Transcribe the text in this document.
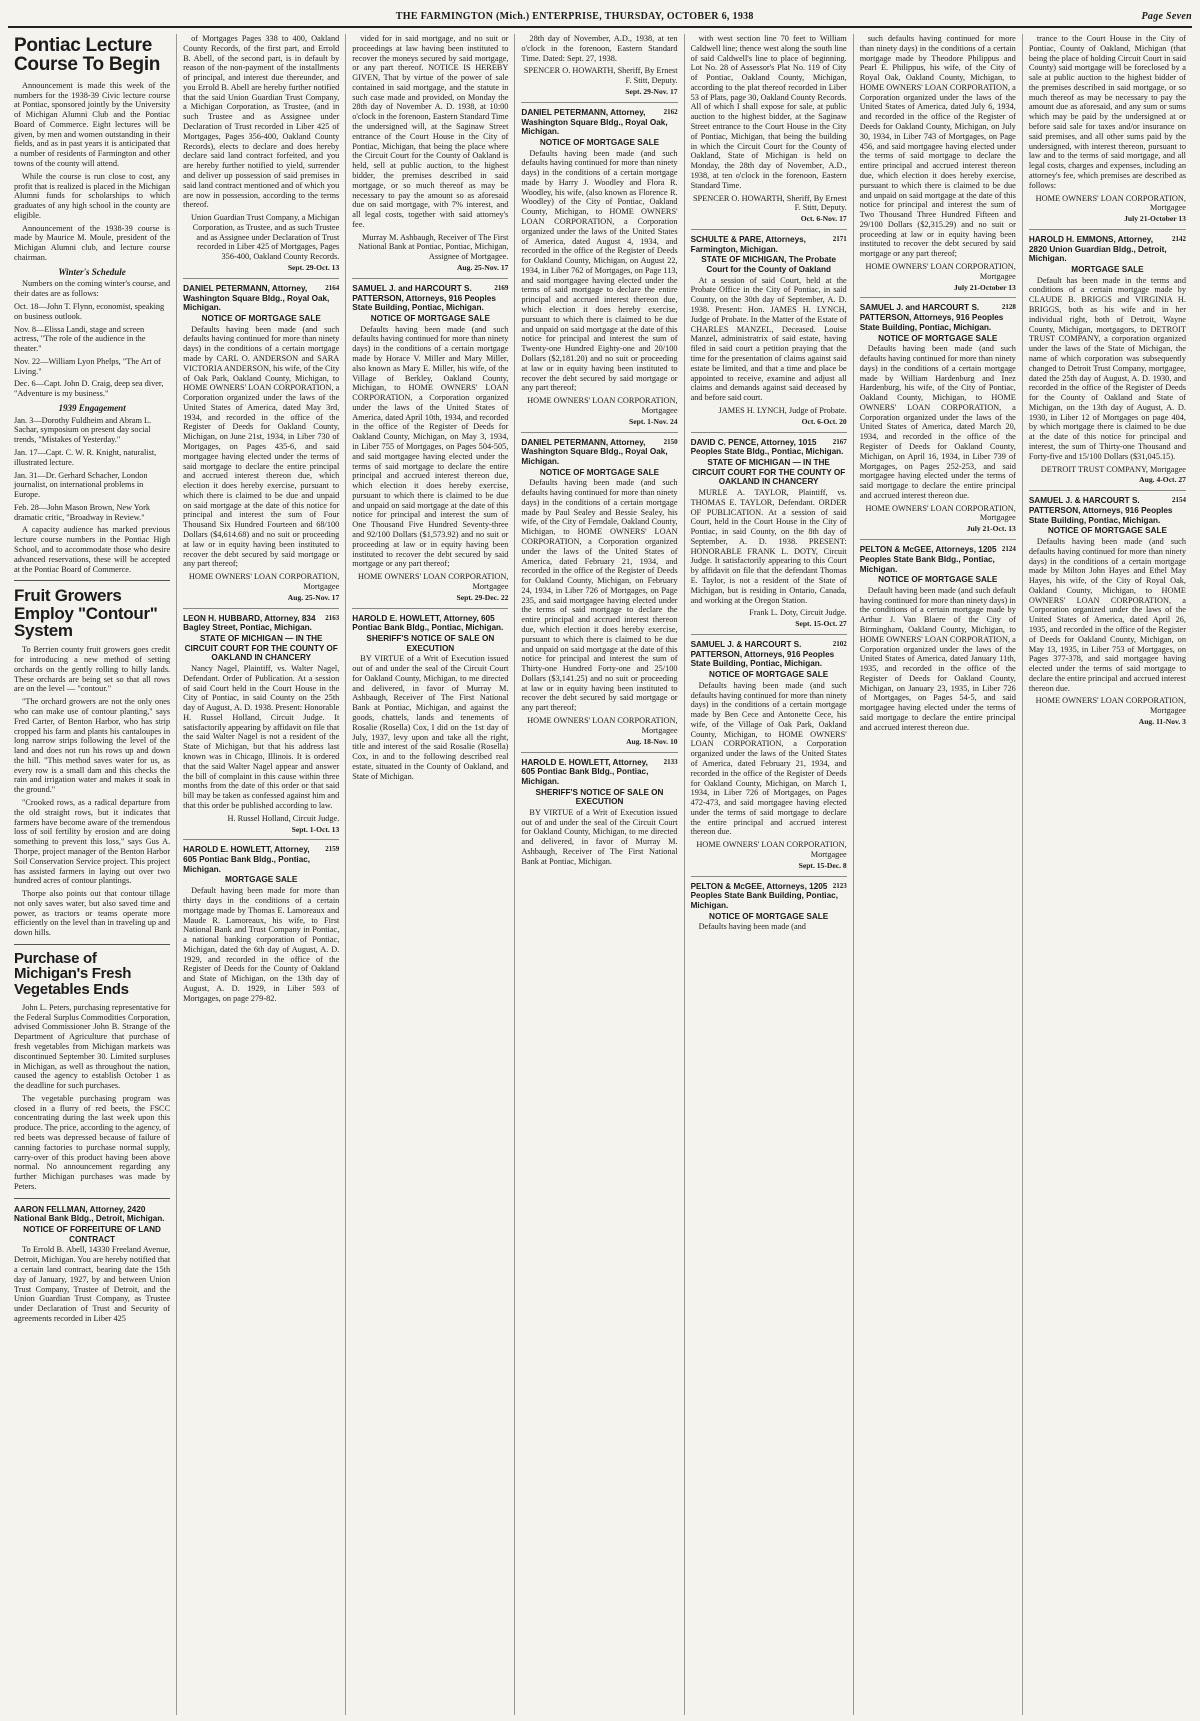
THE FARMINGTON (Mich.) ENTERPRISE, THURSDAY, OCTOBER 6, 1938	Page Seven
Pontiac Lecture Course To Begin

Announcement is made this week of the numbers for the 1938-39 Civic lecture course at Pontiac, sponsored jointly by the University of Michigan Alumni Club and the Pontiac Board of Commerce. Eight lectures will be given, by men and women outstanding in their fields, and as in past years it is anticipated that a number of residents of Farmington and other towns of the county will attend.

While the course is run close to cost, any profit that is realized is placed in the Michigan Alumni funds for scholarships to which graduates of any high school in the county are eligible.

Announcement of the 1938-39 course is made by Maurice M. Moule, president of the Michigan Alumni club, and lecture course chairman.

Winter's Schedule

Numbers on the coming winter's course, and their dates are as follows:

Oct. 18—John T. Flynn, economist, speaking on business outlook.

Nov. 8—Elissa Landi, stage and screen actress, "The role of the audience in the theater."

Nov. 22—William Lyon Phelps, "The Art of Living."

Dec. 6—Capt. John D. Craig, deep sea diver, "Adventure is my business."

1939 Engagement

Jan. 3—Dorothy Fuldheim and Abram L. Sachar, symposium on present day social trends, "Mistakes of Yesterday."

Jan. 17—Capt. C. W. R. Knight, naturalist, illustrated lecture.

Jan. 31—Dr. Gerhard Schacher, London journalist, on international problems in Europe.

Feb. 28—John Mason Brown, New York dramatic critic, "Broadway in Review."

A capacity audience has marked previous lecture course numbers in the Pontiac High School, and to accommodate those who desire advanced reservations, these will be accepted at the Pontiac Board of Commerce.

Fruit Growers Employ "Contour" System

To Berrien county fruit growers goes credit for introducing a new method of setting orchards on the gently rolling to hilly lands. These orchards are being set so that all rows are on the level — "contour."

"The orchard growers are not the only ones who can make use of contour planting," says Fred Carter, of Benton Harbor, who has strip cropped his farm and plants his cantaloupes in long narrow strips following the level of the land and does not run his rows up and down the hill. "This method saves water for us, as every row is a small dam and this checks the rain and irrigation water and makes it soak in the ground."

"Crooked rows, as a radical departure from the old straight rows, but it indicates that farmers have become aware of the tremendous loss of soil fertility by erosion and are doing something to prevent this loss," says Gus A. Thorpe, project manager of the Benton Harbor Soil Conservation Service project. This project has assisted farmers in laying out over two hundred acres of contour plantings.

Thorpe also points out that contour tillage not only saves water, but also saved time and power, as tractors or teams operate more efficiently on the level than in traveling up and down hills.

Purchase of Michigan's Fresh Vegetables Ends

John L. Peters, purchasing representative for the Federal Surplus Commodities Corporation, advised Commissioner John B. Strange of the Department of Agriculture that purchase of fresh vegetables from Michigan markets was discontinued September 30. Limited surpluses in Michigan, as well as throughout the nation, caused the agency to establish October 1 as the deadline for such purchases.

The vegetable purchasing program was closed in a flurry of red beets, the FSCC concentrating during the last week upon this produce. The price, according to the agency, of red beets was depressed because of failure of canning factories to purchase normal supply, carry-over of this product having been above normal. No announcement regarding any further Michigan purchases was made by Peters.

AARON FELLMAN, Attorney, 2420 National Bank Bldg., Detroit, Michigan.
NOTICE OF FORFEITURE OF LAND CONTRACT

To Errold B. Abell, 14330 Freeland Avenue, Detroit, Michigan. You are hereby notified that a certain land contract, bearing date the 15th day of January, 1927, by and between Union Trust Company, Trustee of Detroit, and the Union Guardian Trust Company, as Trustee under Declaration of Trust and Security of agreements recorded in Liber 425

of Mortgages Pages 338 to 400, Oakland County Records, of the first part, and Errold B. Abell, of the second part, is in default by reason of the non-payment of the installments of principal, and interest due thereunder, and you Errold B. Abell are hereby further notified that the said Union Guardian Trust Company, a Michigan Corporation, as Trustee, (and in such Trustee and as Assignee under Declaration of Trust recorded in Liber 425 of Mortgages, Pages 356-400, Oakland County Records), elects to declare and does hereby declare said land contract forfeited, and you are hereby further notified to yield, surrender and deliver up possession of said premises in said land contract mentioned and of which you are now in possession, according to the terms thereof.

Union Guardian Trust Company, a Michigan Corporation, as Trustee, and as such Trustee and as Assignee under Declaration of Trust recorded in Liber 425 of Mortgages, Pages 356-400, Oakland County Records.

Sept. 29-Oct. 13

2164
DANIEL PETERMANN, Attorney, Washington Square Bldg., Royal Oak, Michigan.
NOTICE OF MORTGAGE SALE

Defaults having been made (and such defaults having continued for more than ninety days) in the conditions of a certain mortgage made by CARL O. ANDERSON and SARA VICTORIA ANDERSON, his wife, of the City of Oak Park, Oakland County, Michigan, to HOME OWNERS' LOAN CORPORATION, a Corporation organized under the laws of the United States of America, dated May 3rd, 1934, and recorded in the office of the Register of Deeds for Oakland County, Michigan, on June 21st, 1934, in Liber 730 of Mortgages, on Pages 435-6, and said mortgagee having elected under the terms of said mortgage to declare the entire principal and accrued interest thereon due, which election it does hereby exercise, pursuant to which there is claimed to be due and unpaid on said mortgage at the date of this notice for principal and interest the sum of Four Thousand Six Hundred Fourteen and 68/100 Dollars ($4,614.68) and no suit or proceeding at law or in equity having been instituted to recover the debt secured by said mortgage or any part thereof;

HOME OWNERS' LOAN CORPORATION, Mortgagee

Aug. 25-Nov. 17

2163
LEON H. HUBBARD, Attorney, 834 Bagley Street, Pontiac, Michigan.
STATE OF MICHIGAN — IN THE CIRCUIT COURT FOR THE COUNTY OF OAKLAND IN CHANCERY

Nancy Nagel, Plaintiff, vs. Walter Nagel, Defendant. Order of Publication. At a session of said Court held in the Court House in the City of Pontiac, in said County on the 25th day of August, A. D. 1938. Present: Honorable H. Russel Holland, Circuit Judge. It satisfactorily appearing by affidavit on file that the said Walter Nagel is not a resident of the State of Michigan, but that his address last known was in Chicago, Illinois. It is ordered that the said Walter Nagel appear and answer the bill of complaint in this cause within three months from the date of this order or that said bill may be taken as confessed against him and that this order be published according to law.

H. Russel Holland, Circuit Judge.

Sept. 1-Oct. 13

2159
HAROLD E. HOWLETT, Attorney, 605 Pontiac Bank Bldg., Pontiac, Michigan.
MORTGAGE SALE

Default having been made for more than thirty days in the conditions of a certain mortgage made by Thomas E. Lamoreaux and Maude R. Lamoreaux, his wife, to First National Bank and Trust Company in Pontiac, a national banking corporation of Pontiac, Michigan, dated the 6th day of August, A. D. 1929, and recorded in the office of the Register of Deeds for the County of Oakland and State of Michigan, on the 13th day of August, A. D. 1929, in Liber 593 of Mortgages, on page 279-82.

vided for in said mortgage, and no suit or proceedings at law having been instituted to recover the moneys secured by said mortgage, or any part thereof. NOTICE IS HEREBY GIVEN, That by virtue of the power of sale contained in said mortgage, and the statute in such case made and provided, on Monday the 28th day of November A. D. 1938, at 10:00 o'clock in the forenoon, Eastern Standard Time the undersigned will, at the Saginaw Street entrance of the Court House in the City of Pontiac, Michigan, that being the place where the Circuit Court for the County of Oakland is held, sell at public auction, to the highest bidder, the premises described in said mortgage, or so much thereof as may be necessary to pay the amount so as aforesaid due on said mortgage, with 7% interest, and all legal costs, together with said attorney's fee.

Murray M. Ashbaugh, Receiver of The First National Bank at Pontiac, Pontiac, Michigan, Assignee of Mortgagee.

Aug. 25-Nov. 17

2169
SAMUEL J. and HARCOURT S. PATTERSON, Attorneys, 916 Peoples State Building, Pontiac, Michigan.
NOTICE OF MORTGAGE SALE

Defaults having been made (and such defaults having continued for more than ninety days) in the conditions of a certain mortgage made by Horace V. Miller and Mary Miller, also known as Mary E. Miller, his wife, of the Village of Berkley, Oakland County, Michigan, to HOME OWNERS' LOAN CORPORATION, a Corporation organized under the laws of the United States of America, dated April 10th, 1934, and recorded in the office of the Register of Deeds for Oakland County, Michigan, on May 3, 1934, in Liber 755 of Mortgages, on Pages 504-505, and said mortgagee having elected under the terms of said mortgage to declare the entire principal and accrued interest thereon due, which election it does hereby exercise, pursuant to which there is claimed to be due and unpaid on said mortgage at the date of this notice for principal and interest the sum of One Thousand Five Hundred Seventy-three and 92/100 Dollars ($1,573.92) and no suit or proceeding at law or in equity having been instituted to recover the debt secured by said mortgage or any part thereof;

HOME OWNERS' LOAN CORPORATION, Mortgagee

Sept. 29-Dec. 22

HAROLD E. HOWLETT, Attorney, 605 Pontiac Bank Bldg., Pontiac, Michigan.
SHERIFF'S NOTICE OF SALE ON EXECUTION

BY VIRTUE of a Writ of Execution issued out of and under the seal of the Circuit Court for Oakland County, Michigan, to me directed and delivered, in favor of Murray M. Ashbaugh, Receiver of The First National Bank at Pontiac, Michigan, and against the goods, chattels, lands and tenements of Rosalie (Rosella) Cox, I did on the 1st day of July, 1937, levy upon and take all the right, title and interest of the said Rosalie (Rosella) Cox, in and to the following described real estate, situated in the County of Oakland, and State of Michigan.

28th day of November, A.D., 1938, at ten o'clock in the forenoon, Eastern Standard Time. Dated: Sept. 27, 1938.

SPENCER O. HOWARTH, Sheriff, By Ernest F. Stitt, Deputy.

Sept. 29-Nov. 17

2162
DANIEL PETERMANN, Attorney, Washington Square Bldg., Royal Oak, Michigan.
NOTICE OF MORTGAGE SALE

Defaults having been made (and such defaults having continued for more than ninety days) in the conditions of a certain mortgage made by Harry J. Woodley and Flora R. Woodley, his wife, (also known as Florence R. Woodley) of the City of Pontiac, Oakland County, Michigan, to HOME OWNERS' LOAN CORPORATION, a Corporation organized under the laws of the United States of America, dated August 4, 1934, and recorded in the office of the Register of Deeds for Oakland County, Michigan, on August 22, 1934, in Liber 762 of Mortgages, on Page 113, and said mortgagee having elected under the terms of said mortgage to declare the entire principal and accrued interest thereon due, which election it does hereby exercise, pursuant to which there is claimed to be due and unpaid on said mortgage at the date of this notice for principal and interest the sum of Twenty-one Hundred Eighty-one and 20/100 Dollars ($2,181.20) and no suit or proceeding at law or in equity having been instituted to recover the debt secured by said mortgage or any part thereof;

HOME OWNERS' LOAN CORPORATION, Mortgagee

Sept. 1-Nov. 24

2150
DANIEL PETERMANN, Attorney, Washington Square Bldg., Royal Oak, Michigan.
NOTICE OF MORTGAGE SALE

Defaults having been made (and such defaults having continued for more than ninety days) in the conditions of a certain mortgage made by Paul Sealey and Bessie Sealey, his wife, of the City of Ferndale, Oakland County, Michigan, to HOME OWNERS' LOAN CORPORATION, a Corporation organized under the laws of the United States of America, dated February 21, 1934, and recorded in the office of the Register of Deeds for Oakland County, Michigan, on February 24, 1934, in Liber 726 of Mortgages, on Page 235, and said mortgagee having elected under the terms of said mortgage to declare the entire principal and accrued interest thereon due, which election it does hereby exercise, pursuant to which there is claimed to be due and unpaid on said mortgage at the date of this notice for principal and interest the sum of Thirty-one Hundred Forty-one and 25/100 Dollars ($3,141.25) and no suit or proceeding at law or in equity having been instituted to recover the debt secured by said mortgage or any part thereof;

HOME OWNERS' LOAN CORPORATION, Mortgagee

Aug. 18-Nov. 10

2133
HAROLD E. HOWLETT, Attorney, 605 Pontiac Bank Bldg., Pontiac, Michigan.
SHERIFF'S NOTICE OF SALE ON EXECUTION

BY VIRTUE of a Writ of Execution issued out of and under the seal of the Circuit Court for Oakland County, Michigan, to me directed and delivered, in favor of Murray M. Ashbaugh, Receiver of The First National Bank at Pontiac, Michigan.

with west section line 70 feet to William Caldwell line; thence west along the south line of said Caldwell's line to place of beginning. Lot No. 28 of Assessor's Plat No. 119 of City of Pontiac, Oakland County, Michigan, according to the plat thereof recorded in Liber 53 of Plats, page 30, Oakland County Records. All of which I shall expose for sale, at public auction to the highest bidder, at the Saginaw Street entrance to the Court House in the City of Pontiac, Michigan, that being the building in which the Circuit Court for the County of Oakland, State of Michigan is held on Monday, the 28th day of November, A.D., 1938, at ten o'clock in the forenoon, Eastern Standard Time.

SPENCER O. HOWARTH, Sheriff, By Ernest F. Stitt, Deputy.

Oct. 6-Nov. 17

2171
SCHULTE & PARE, Attorneys, Farmington, Michigan.
STATE OF MICHIGAN, The Probate Court for the County of Oakland

At a session of said Court, held at the Probate Office in the City of Pontiac, in said County, on the 30th day of September, A. D. 1938. Present: Hon. JAMES H. LYNCH, Judge of Probate. In the Matter of the Estate of CHARLES MANZEL, Deceased. Louise Manzel, administratrix of said estate, having filed in said court a petition praying that the time for the presentation of claims against said estate be limited, and that a time and place be appointed to receive, examine and adjust all claims and demands against said deceased by and before said court.

JAMES H. LYNCH, Judge of Probate.

Oct. 6-Oct. 20

2167
DAVID C. PENCE, Attorney, 1015 Peoples State Bldg., Pontiac, Michigan.
STATE OF MICHIGAN — IN THE CIRCUIT COURT FOR THE COUNTY OF OAKLAND IN CHANCERY

MURLE A. TAYLOR, Plaintiff, vs. THOMAS E. TAYLOR, Defendant. ORDER OF PUBLICATION. At a session of said Court, held in the Court House in the City of Pontiac, in said County, on the 8th day of September, A. D. 1938. PRESENT: HONORABLE FRANK L. DOTY, Circuit Judge. It satisfactorily appearing to this Court by affidavit on file that the defendant Thomas E. Taylor, is not a resident of the State of Michigan, but is residing in Ontario, Canada, and working at the Oregon Station.

Frank L. Doty, Circuit Judge.

Sept. 15-Oct. 27

2102
SAMUEL J. & HARCOURT S. PATTERSON, Attorneys, 916 Peoples State Building, Pontiac, Michigan.
NOTICE OF MORTGAGE SALE

Defaults having been made (and such defaults having continued for more than ninety days) in the conditions of a certain mortgage made by Ben Cece and Antonette Cece, his wife, of the Village of Oak Park, Oakland County, Michigan, to HOME OWNERS' LOAN CORPORATION, a Corporation organized under the laws of the United States of America, dated February 21, 1934, and recorded in the office of the Register of Deeds for Oakland County, Michigan, on March 1, 1934, in Liber 726 of Mortgages, on Pages 472-473, and said mortgagee having elected under the terms of said mortgage to declare the entire principal and accrued interest thereon due.

HOME OWNERS' LOAN CORPORATION, Mortgagee

Sept. 15-Dec. 8

2123
PELTON & McGEE, Attorneys, 1205 Peoples State Bank Building, Pontiac, Michigan.
NOTICE OF MORTGAGE SALE

Defaults having been made (and

such defaults having continued for more than ninety days) in the conditions of a certain mortgage made by Theodore Philippus and Pearl E. Philippus, his wife, of the City of Royal Oak, Oakland County, Michigan, to HOME OWNERS' LOAN CORPORATION, a Corporation organized under the laws of the United States of America, dated July 6, 1934, and recorded in the office of the Register of Deeds for Oakland County, Michigan, on July 30, 1934, in Liber 743 of Mortgages, on Page 456, and said mortgagee having elected under the terms of said mortgage to declare the entire principal and accrued interest thereon due, which election it does hereby exercise, pursuant to which there is claimed to be due and unpaid on said mortgage at the date of this notice for principal and interest the sum of Two Thousand Three Hundred Fifteen and 29/100 Dollars ($2,315.29) and no suit or proceeding at law or in equity having been instituted to recover the debt secured by said mortgage or any part thereof;

HOME OWNERS' LOAN CORPORATION, Mortgagee

July 21-October 13

2128
SAMUEL J. and HARCOURT S. PATTERSON, Attorneys, 916 Peoples State Building, Pontiac, Michigan.
NOTICE OF MORTGAGE SALE

Defaults having been made (and such defaults having continued for more than ninety days) in the conditions of a certain mortgage made by William Hardenburg and Inez Hardenburg, his wife, of the City of Pontiac, Oakland County, Michigan, to HOME OWNERS' LOAN CORPORATION, a Corporation organized under the laws of the United States of America, dated March 20, 1934, and recorded in the office of the Register of Deeds for Oakland County, Michigan, on April 16, 1934, in Liber 739 of Mortgages, on Pages 252-253, and said mortgagee having elected under the terms of said mortgage to declare the entire principal and accrued interest thereon due.

HOME OWNERS' LOAN CORPORATION, Mortgagee

July 21-Oct. 13

2124
PELTON & McGEE, Attorneys, 1205 Peoples State Bank Bldg., Pontiac, Michigan.
NOTICE OF MORTGAGE SALE

Default having been made (and such default having continued for more than ninety days) in the conditions of a certain mortgage made by Arthur J. Van Blaere of the City of Birmingham, Oakland County, Michigan, to HOME OWNERS' LOAN CORPORATION, a Corporation organized under the laws of the United States of America, dated January 11th, 1935, and recorded in the office of the Register of Deeds for Oakland County, Michigan, on January 23, 1935, in Liber 726 of Mortgages, on Pages 54-5, and said mortgagee having elected under the terms of said mortgage to declare the entire principal and accrued interest thereon due.

trance to the Court House in the City of Pontiac, County of Oakland, Michigan (that being the place of holding Circuit Court in said County) said mortgage will be foreclosed by a sale at public auction to the highest bidder of the premises described in said mortgage, or so much thereof as may be necessary to pay the amount due as aforesaid, and any sum or sums which may be paid by the undersigned at or before said sale for taxes and/or insurance on said premises, and all other sums paid by the undersigned, with interest thereon, pursuant to law and to the terms of said mortgage, and all legal costs, charges and expenses, including an attorney's fee, which premises are described as follows:

HOME OWNERS' LOAN CORPORATION, Mortgagee

July 21-October 13

2142
HAROLD H. EMMONS, Attorney, 2820 Union Guardian Bldg., Detroit, Michigan.
MORTGAGE SALE

Default has been made in the terms and conditions of a certain mortgage made by CLAUDE B. BRIGGS and VIRGINIA H. BRIGGS, both as his wife and in her individual right, both of Detroit, Wayne County, Michigan, mortgagors, to DETROIT TRUST COMPANY, a corporation organized under the laws of the State of Michigan, the name of which corporation was subsequently changed to Detroit Trust Company, mortgagee, dated the 25th day of August, A. D. 1930, and recorded in the office of the Register of Deeds for the County of Oakland and State of Michigan, on the 13th day of August, A. D. 1930, in Liber 12 of Mortgages on page 404, by which mortgage there is claimed to be due at the date of this notice for principal and interest, the sum of Thirty-one Thousand and Forty-five and 15/100 Dollars ($31,045.15).

DETROIT TRUST COMPANY, Mortgagee

Aug. 4-Oct. 27

2154
SAMUEL J. & HARCOURT S. PATTERSON, Attorneys, 916 Peoples State Building, Pontiac, Michigan.
NOTICE OF MORTGAGE SALE

Defaults having been made (and such defaults having continued for more than ninety days) in the conditions of a certain mortgage made by Milton John Hayes and Ethel May Hayes, his wife, of the City of Royal Oak, Oakland County, Michigan, to HOME OWNERS' LOAN CORPORATION, a Corporation organized under the laws of the United States of America, dated April 26, 1935, and recorded in the office of the Register of Deeds for Oakland County, Michigan, on May 13, 1935, in Liber 753 of Mortgages, on Pages 377-378, and said mortgagee having elected under the terms of said mortgage to declare the entire principal and accrued interest thereon due.

HOME OWNERS' LOAN CORPORATION, Mortgagee

Aug. 11-Nov. 3
